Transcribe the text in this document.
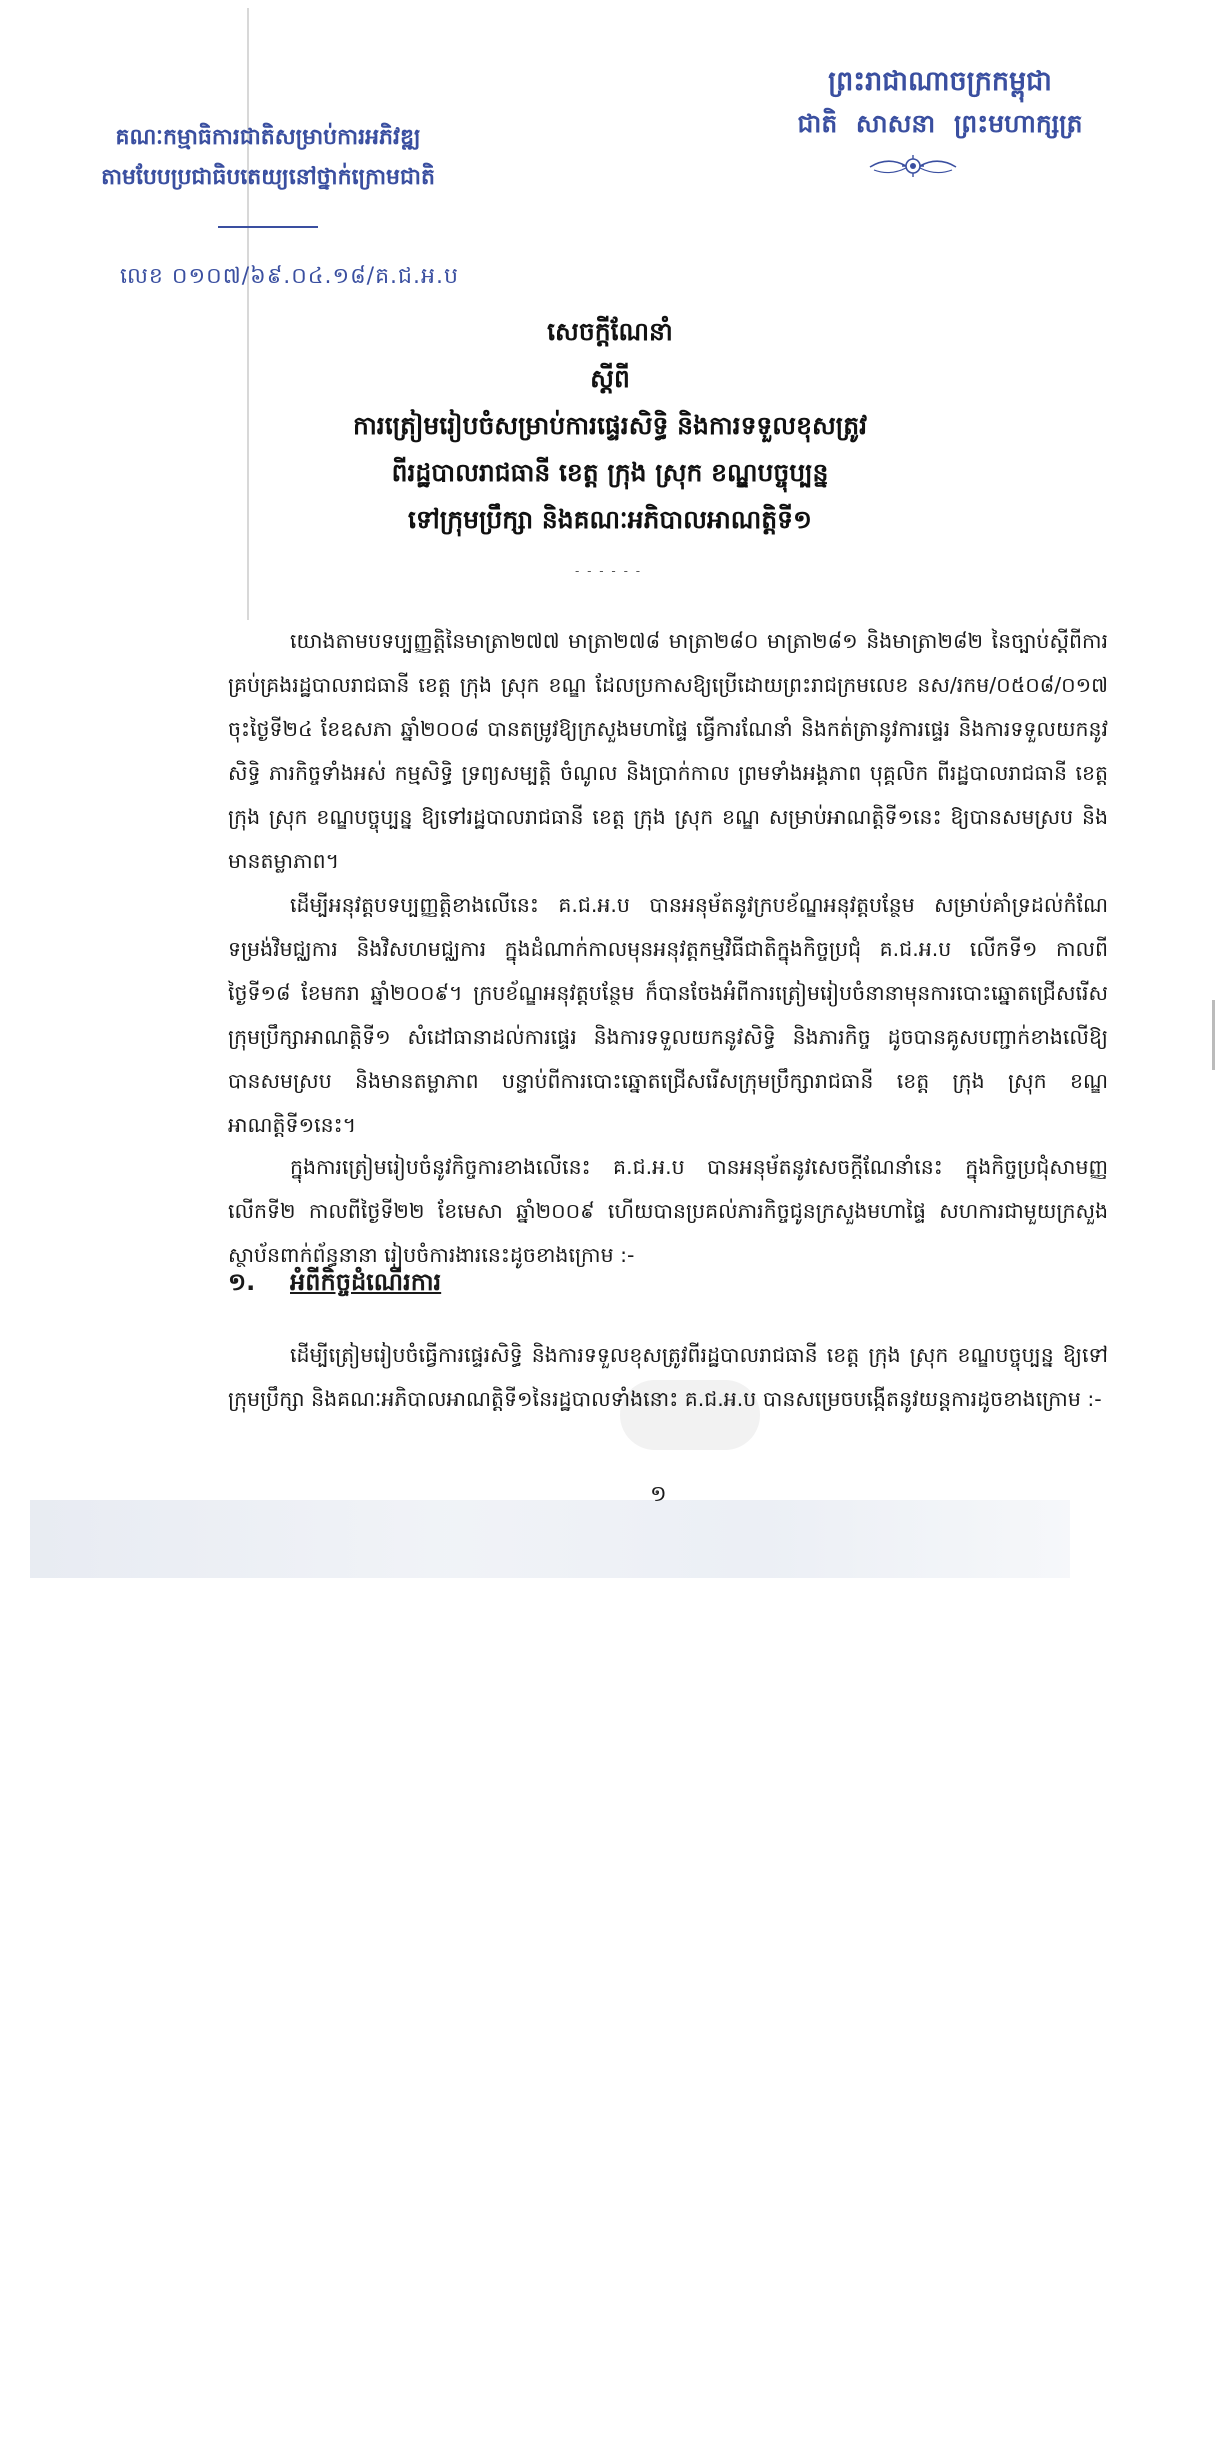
ព្រះរាជាណាចក្រកម្ពុជា
ជាតិ សាសនា ព្រះមហាក្សត្រ
គណៈកម្មាធិការជាតិសម្រាប់ការអភិវឌ្ឍ
តាមបែបប្រជាធិបតេយ្យនៅថ្នាក់ក្រោមជាតិ
លេខ ០១០៧/៦៩.០៤.១៨/គ.ជ.អ.ប
សេចក្ដីណែនាំ
ស្ដីពី
ការត្រៀមរៀបចំសម្រាប់ការផ្ទេរសិទ្ធិ និងការទទួលខុសត្រូវ
ពីរដ្ឋបាលរាជធានី ខេត្ត ក្រុង ស្រុក ខណ្ឌបច្ចុប្បន្ន
ទៅក្រុមប្រឹក្សា និងគណៈអភិបាលអាណត្តិទី១
- - - - - -

យោងតាមបទប្បញ្ញត្តិនៃមាត្រា២៧៧ មាត្រា២៧៨ មាត្រា២៨០ មាត្រា២៨១ និងមាត្រា២៨២ នៃច្បាប់ស្ដីពីការគ្រប់គ្រងរដ្ឋបាលរាជធានី ខេត្ត ក្រុង ស្រុក ខណ្ឌ ដែលប្រកាសឱ្យប្រើដោយព្រះរាជក្រមលេខ នស/រកម/០៥០៨/០១៧ ចុះថ្ងៃទី២៤ ខែឧសភា ឆ្នាំ២០០៨ បានតម្រូវឱ្យក្រសួងមហាផ្ទៃ ធ្វើការណែនាំ និងកត់ត្រានូវការផ្ទេរ និងការទទួលយកនូវសិទ្ធិ ភារកិច្ចទាំងអស់ កម្មសិទ្ធិ ទ្រព្យសម្បត្តិ ចំណូល និងប្រាក់កាល ព្រមទាំងអង្គភាព បុគ្គលិក ពីរដ្ឋបាលរាជធានី ខេត្ត ក្រុង ស្រុក ខណ្ឌបច្ចុប្បន្ន ឱ្យទៅរដ្ឋបាលរាជធានី ខេត្ត ក្រុង ស្រុក ខណ្ឌ សម្រាប់អាណត្តិទី១នេះ ឱ្យបានសមស្រប និងមានតម្លាភាព។

ដើម្បីអនុវត្តបទប្បញ្ញត្តិខាងលើនេះ គ.ជ.អ.ប បានអនុម័តនូវក្របខ័ណ្ឌអនុវត្តបន្ថែម សម្រាប់គាំទ្រដល់កំណែទម្រង់វិមជ្ឈការ និងវិសហមជ្ឈការ ក្នុងដំណាក់កាលមុនអនុវត្តកម្មវិធីជាតិក្នុងកិច្ចប្រជុំ គ.ជ.អ.ប លើកទី១ កាលពីថ្ងៃទី១៨ ខែមករា ឆ្នាំ២០០៩។ ក្របខ័ណ្ឌអនុវត្តបន្ថែម ក៏បានចែងអំពីការត្រៀមរៀបចំនានាមុនការបោះឆ្នោតជ្រើសរើសក្រុមប្រឹក្សាអាណត្តិទី១ សំដៅធានាដល់ការផ្ទេរ និងការទទួលយកនូវសិទ្ធិ និងភារកិច្ច ដូចបានគូសបញ្ជាក់ខាងលើឱ្យបានសមស្រប និងមានតម្លាភាព បន្ទាប់ពីការបោះឆ្នោតជ្រើសរើសក្រុមប្រឹក្សារាជធានី ខេត្ត ក្រុង ស្រុក ខណ្ឌ អាណត្តិទី១នេះ។

ក្នុងការត្រៀមរៀបចំនូវកិច្ចការខាងលើនេះ គ.ជ.អ.ប បានអនុម័តនូវសេចក្ដីណែនាំនេះ ក្នុងកិច្ចប្រជុំសាមញ្ញលើកទី២ កាលពីថ្ងៃទី២២ ខែមេសា ឆ្នាំ២០០៩ ហើយបានប្រគល់ភារកិច្ចជូនក្រសួងមហាផ្ទៃ សហការជាមួយក្រសួងស្ថាប័នពាក់ព័ន្ធនានា រៀបចំការងារនេះដូចខាងក្រោម :-

១. អំពីកិច្ចដំណើរការ

ដើម្បីត្រៀមរៀបចំធ្វើការផ្ទេរសិទ្ធិ និងការទទួលខុសត្រូវពីរដ្ឋបាលរាជធានី ខេត្ត ក្រុង ស្រុក ខណ្ឌបច្ចុប្បន្ន ឱ្យទៅក្រុមប្រឹក្សា និងគណៈអភិបាលអាណត្តិទី១នៃរដ្ឋបាលទាំងនោះ គ.ជ.អ.ប បានសម្រេចបង្កើតនូវយន្តការដូចខាងក្រោម :-

១
